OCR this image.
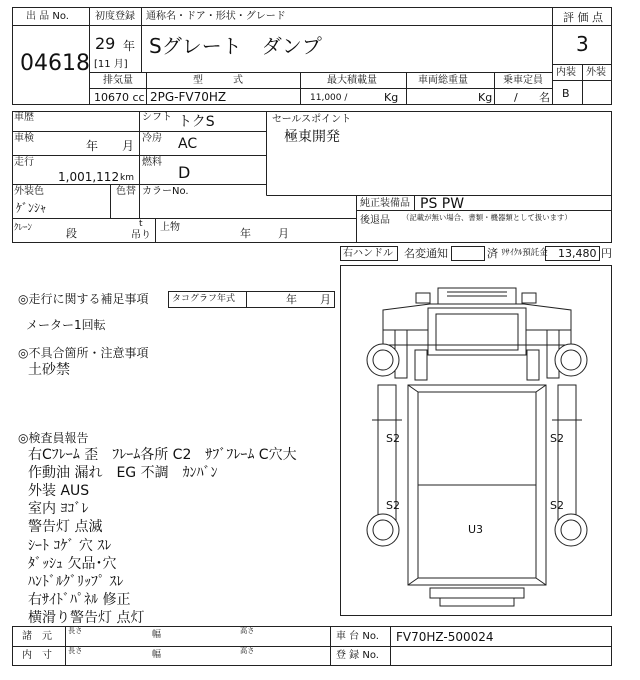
出 品 No.
04618
初度登録 通称名・ドア・形状・グレード
29 年
[11 月]
Sグレート　ダンプ
評 価 点
3
内装 外装
B
排気量	型　　　式	最大積載量	車両総重量	乗車定員
10670 cc 2PG-FV70HZ	11,000 /	Kg	Kg / 名
車歴
車検
年 月
走行
1,001,112 km
外装色
ｹﾞﾝｼｬ
色替 カラーNo.
シフト トクS
冷房 AC
燃料
D
セールスポイント
極東開発
純正装備品 PS PW
後退品 （記載が無い場合、書類・機器類として扱います）
ｸﾚｰﾝ	段
t
吊り
上物	年 月
右ハンドル 名変通知	済 ﾘｻｲｸﾙ預託金 13,480 円
◎走行に関する補足事項	タコグラフ年式	年 月
メーター1回転
◎不具合箇所・注意事項
土砂禁
◎検査員報告
右Cﾌﾚｰﾑ 歪　ﾌﾚｰﾑ各所 C2　ｻﾌﾞﾌﾚｰﾑ C穴大
作動油 漏れ　EG 不調　ｶﾝﾊﾞﾝ
外装 AUS
室内 ﾖｺﾞﾚ
警告灯 点滅
ｼｰﾄ ｺｹﾞ 穴 ｽﾚ
ﾀﾞｯｼｭ 欠品･穴
ﾊﾝﾄﾞﾙｸﾞﾘｯﾌﾟ ｽﾚ
右ｻｲﾄﾞﾊﾟﾈﾙ 修正
横滑り警告灯 点灯
S2	S2
S2	S2
U3
諸　元
内　寸
長さ	幅	高さ
長さ	幅	高さ
車 台 No. FV70HZ-500024
登 録 No.
